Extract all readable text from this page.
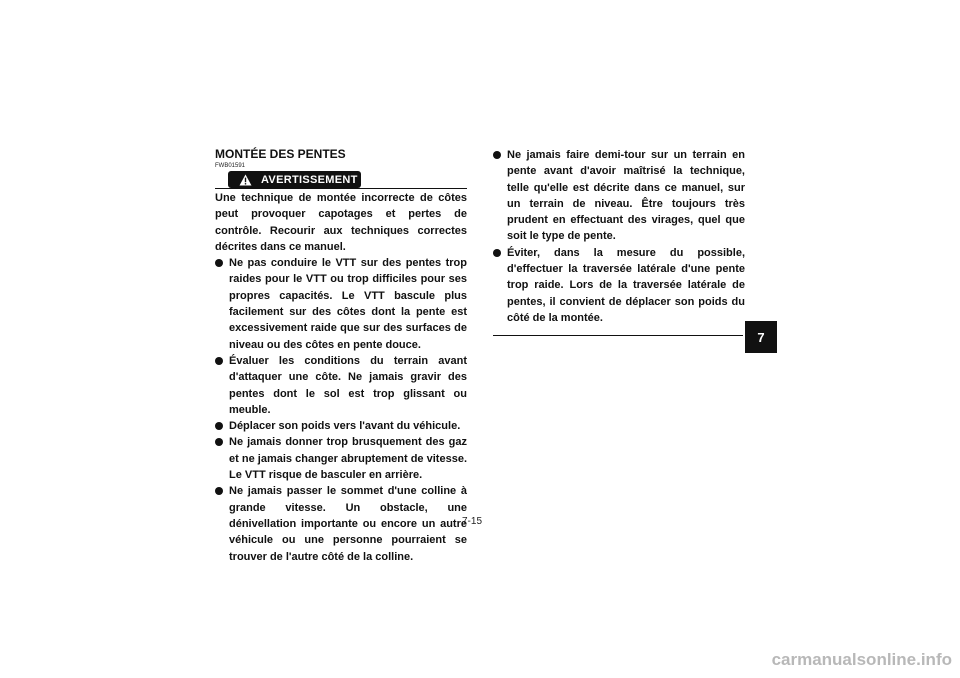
MONTÉE DES PENTES
FWB01591
AVERTISSEMENT

Une technique de montée incorrecte de côtes peut provoquer capotages et pertes de contrôle. Recourir aux techniques correctes décrites dans ce manuel.

Ne pas conduire le VTT sur des pentes trop raides pour le VTT ou trop difficiles pour ses propres capacités. Le VTT bascule plus facilement sur des côtes dont la pente est excessivement raide que sur des surfaces de niveau ou des côtes en pente douce.
Évaluer les conditions du terrain avant d'attaquer une côte. Ne jamais gravir des pentes dont le sol est trop glissant ou meuble.
Déplacer son poids vers l'avant du véhicule.
Ne jamais donner trop brusquement des gaz et ne jamais changer abruptement de vitesse. Le VTT risque de basculer en arrière.
Ne jamais passer le sommet d'une colline à grande vitesse. Un obstacle, une dénivellation importante ou encore un autre véhicule ou une personne pourraient se trouver de l'autre côté de la colline.
Ne jamais faire demi-tour sur un terrain en pente avant d'avoir maîtrisé la technique, telle qu'elle est décrite dans ce manuel, sur un terrain de niveau. Être toujours très prudent en effectuant des virages, quel que soit le type de pente.
Éviter, dans la mesure du possible, d'effectuer la traversée latérale d'une pente trop raide. Lors de la traversée latérale de pentes, il convient de déplacer son poids du côté de la montée.
7-15
7
carmanualsonline.info
